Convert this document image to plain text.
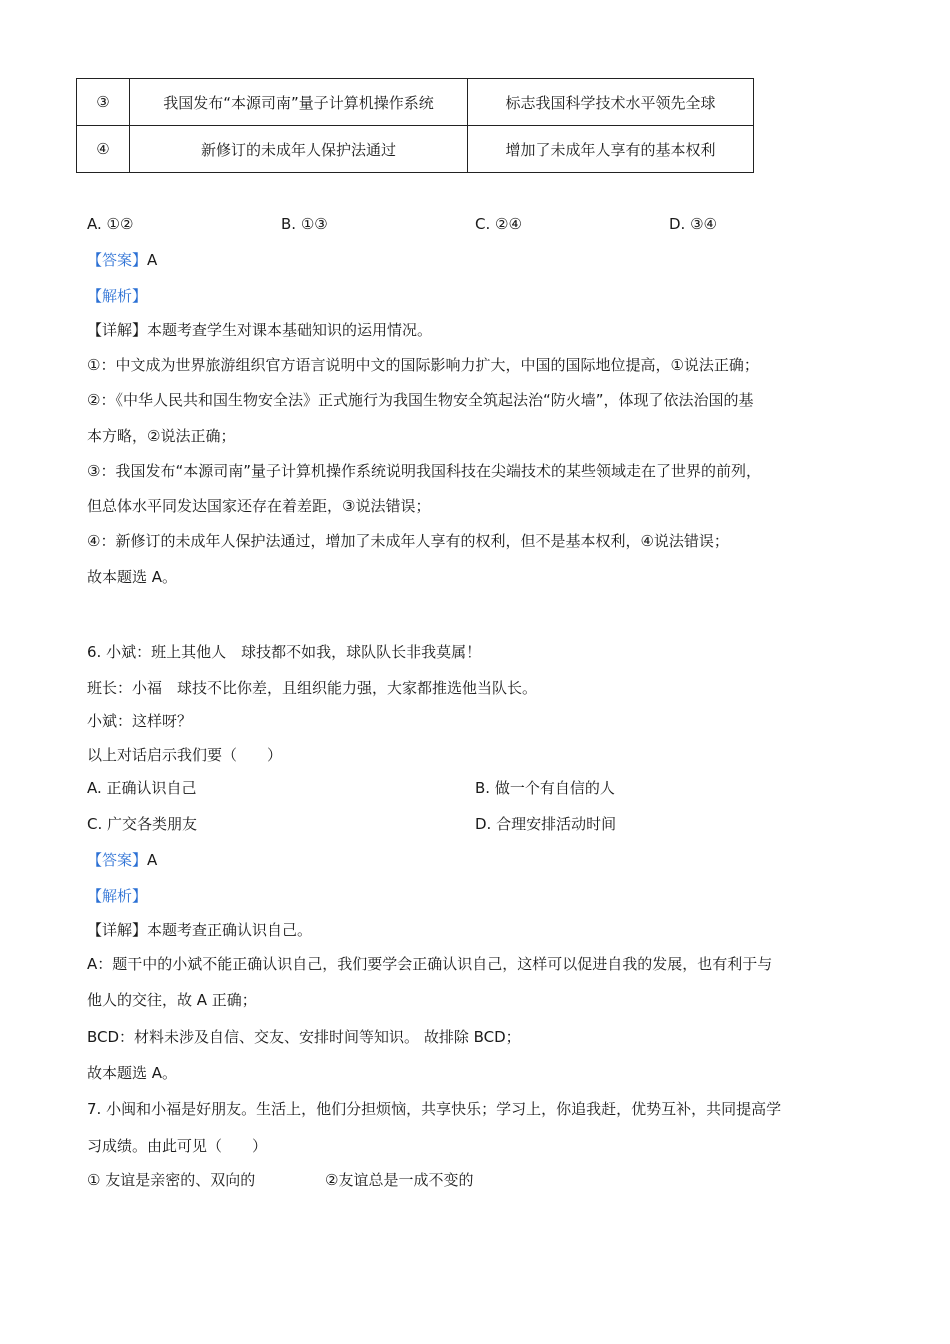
③	我国发布“本源司南”量子计算机操作系统	标志我国科学技术水平领先全球
④	新修订的未成年人保护法通过	增加了未成年人享有的基本权利
A. ①②	B. ①③	C. ②④	D. ③④
【答案】A
【解析】
【详解】本题考查学生对课本基础知识的运用情况。
①：中文成为世界旅游组织官方语言说明中文的国际影响力扩大，中国的国际地位提高，①说法正确；
②：《中华人民共和国生物安全法》正式施行为我国生物安全筑起法治“防火墙”，体现了依法治国的基
本方略，②说法正确；
③：我国发布“本源司南”量子计算机操作系统说明我国科技在尖端技术的某些领域走在了世界的前列，
但总体水平同发达国家还存在着差距，③说法错误；
④：新修订的未成年人保护法通过，增加了未成年人享有的权利，但不是基本权利，④说法错误；
故本题选 A。
6. 小斌：班上其他人　球技都不如我，球队队长非我莫属！
班长：小福　球技不比你差，且组织能力强，大家都推选他当队长。
小斌：这样呀？
以上对话启示我们要（　　）
A. 正确认识自己	B. 做一个有自信的人
C. 广交各类朋友	D. 合理安排活动时间
【答案】A
【解析】
【详解】本题考查正确认识自己。
A：题干中的小斌不能正确认识自己，我们要学会正确认识自己，这样可以促进自我的发展，也有利于与
他人的交往，故 A 正确；
BCD：材料未涉及自信、交友、安排时间等知识。 故排除 BCD；
故本题选 A。
7. 小闽和小福是好朋友。生活上，他们分担烦恼，共享快乐；学习上，你追我赶，优势互补，共同提高学
习成绩。由此可见（　　）
① 友谊是亲密的、双向的	②友谊总是一成不变的
